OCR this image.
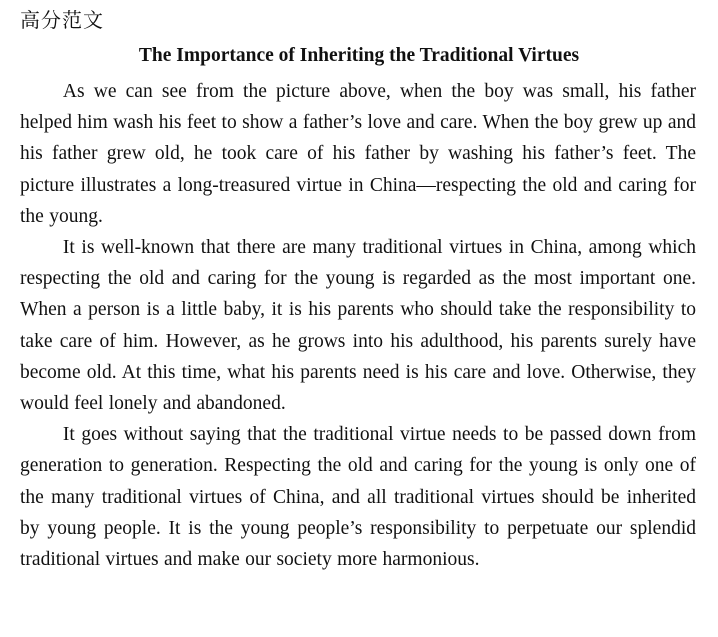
高分范文
The Importance of Inheriting the Traditional Virtues

As we can see from the picture above, when the boy was small, his father helped him wash his feet to show a father’s love and care. When the boy grew up and his father grew old, he took care of his father by washing his father’s feet. The picture illustrates a long-treasured virtue in China—respecting the old and caring for the young.

It is well-known that there are many traditional virtues in China, among which respecting the old and caring for the young is regarded as the most important one. When a person is a little baby, it is his parents who should take the responsibility to take care of him. However, as he grows into his adulthood, his parents surely have become old. At this time, what his parents need is his care and love. Otherwise, they would feel lonely and abandoned.

It goes without saying that the traditional virtue needs to be passed down from generation to generation. Respecting the old and caring for the young is only one of the many traditional virtues of China, and all traditional virtues should be inherited by young people. It is the young people’s responsibility to perpetuate our splendid traditional virtues and make our society more harmonious.
